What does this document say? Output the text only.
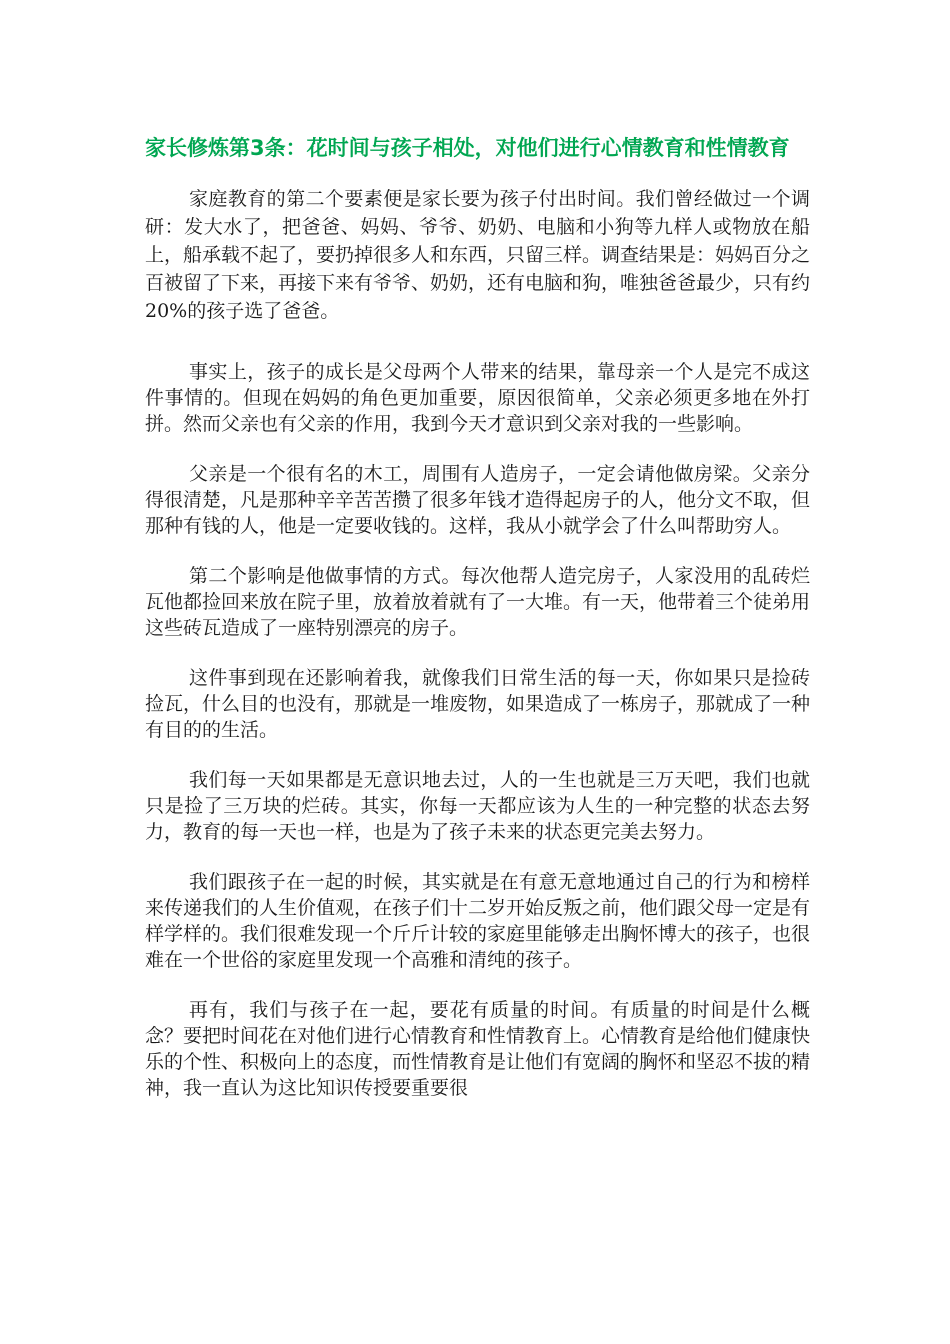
家长修炼第3条：花时间与孩子相处，对他们进行心情教育和性情教育

家庭教育的第二个要素便是家长要为孩子付出时间。我们曾经做过一个调研：发大水了，把爸爸、妈妈、爷爷、奶奶、电脑和小狗等九样人或物放在船上，船承载不起了，要扔掉很多人和东西，只留三样。调查结果是：妈妈百分之百被留了下来，再接下来有爷爷、奶奶，还有电脑和狗，唯独爸爸最少，只有约20%的孩子选了爸爸。

事实上，孩子的成长是父母两个人带来的结果，靠母亲一个人是完不成这件事情的。但现在妈妈的角色更加重要，原因很简单，父亲必须更多地在外打拼。然而父亲也有父亲的作用，我到今天才意识到父亲对我的一些影响。

父亲是一个很有名的木工，周围有人造房子，一定会请他做房梁。父亲分得很清楚，凡是那种辛辛苦苦攒了很多年钱才造得起房子的人，他分文不取，但那种有钱的人，他是一定要收钱的。这样，我从小就学会了什么叫帮助穷人。

第二个影响是他做事情的方式。每次他帮人造完房子，人家没用的乱砖烂瓦他都捡回来放在院子里，放着放着就有了一大堆。有一天，他带着三个徒弟用这些砖瓦造成了一座特别漂亮的房子。

这件事到现在还影响着我，就像我们日常生活的每一天，你如果只是捡砖捡瓦，什么目的也没有，那就是一堆废物，如果造成了一栋房子，那就成了一种有目的的生活。

我们每一天如果都是无意识地去过，人的一生也就是三万天吧，我们也就只是捡了三万块的烂砖。其实，你每一天都应该为人生的一种完整的状态去努力，教育的每一天也一样，也是为了孩子未来的状态更完美去努力。

我们跟孩子在一起的时候，其实就是在有意无意地通过自己的行为和榜样来传递我们的人生价值观，在孩子们十二岁开始反叛之前，他们跟父母一定是有样学样的。我们很难发现一个斤斤计较的家庭里能够走出胸怀博大的孩子，也很难在一个世俗的家庭里发现一个高雅和清纯的孩子。

再有，我们与孩子在一起，要花有质量的时间。有质量的时间是什么概念？要把时间花在对他们进行心情教育和性情教育上。心情教育是给他们健康快乐的个性、积极向上的态度，而性情教育是让他们有宽阔的胸怀和坚忍不拔的精神，我一直认为这比知识传授要重要很
